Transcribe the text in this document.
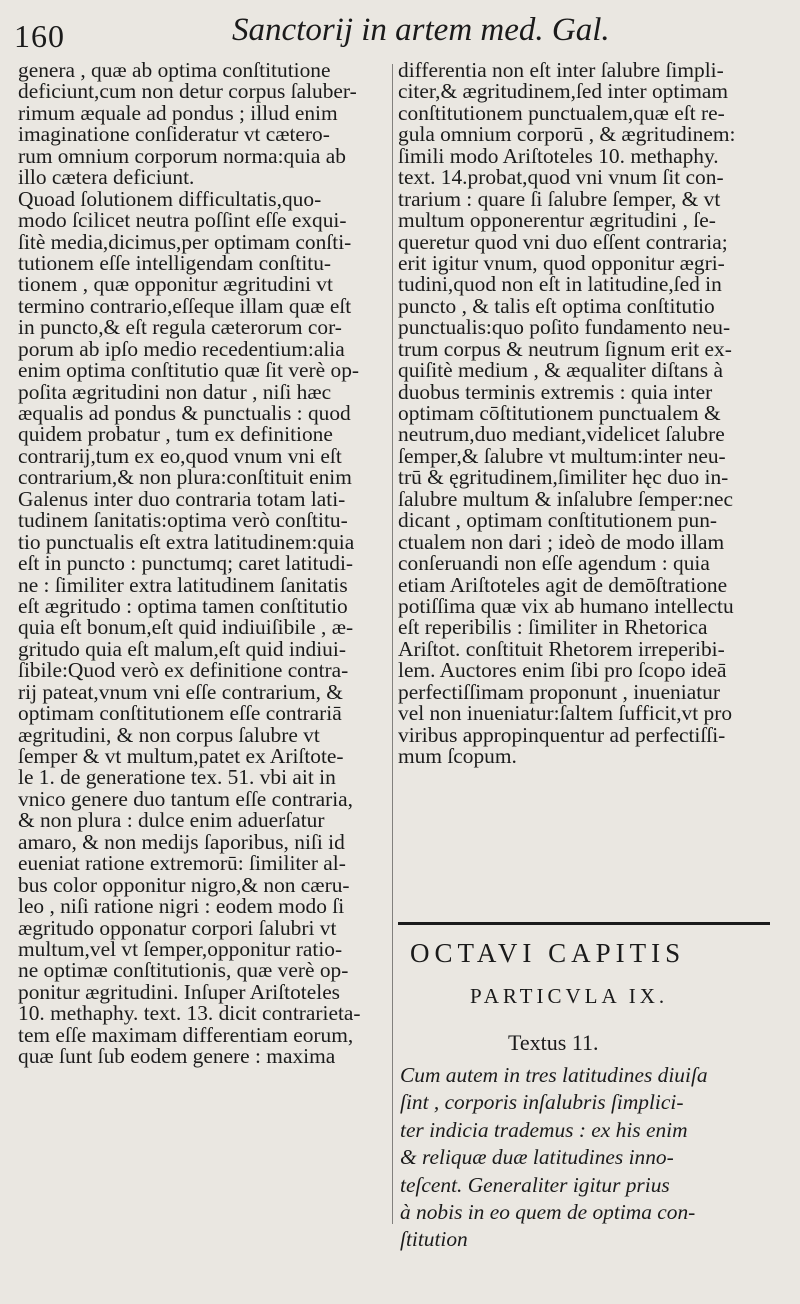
160	Sanctorij in artem med. Gal.
genera , quæ ab optima conſtitutione
deficiunt,cum non detur corpus ſaluber-
rimum æquale ad pondus ; illud enim
imaginatione conſideratur vt cætero-
rum omnium corporum norma:quia ab
illo cætera deficiunt.
Quoad ſolutionem difficultatis,quo-
modo ſcilicet neutra poſſint eſſe exqui-
ſitè media,dicimus,per optimam conſti-
tutionem eſſe intelligendam conſtitu-
tionem , quæ opponitur ægritudini vt
termino contrario,eſſeque illam quæ eſt
in puncto,& eſt regula cæterorum cor-
porum ab ipſo medio recedentium:alia
enim optima conſtitutio quæ ſit verè op-
poſita ægritudini non datur , niſi hæc
æqualis ad pondus & punctualis : quod
quidem probatur , tum ex definitione
contrarij,tum ex eo,quod vnum vni eſt
contrarium,& non plura:conſtituit enim
Galenus inter duo contraria totam lati-
tudinem ſanitatis:optima verò conſtitu-
tio punctualis eſt extra latitudinem:quia
eſt in puncto : punctumq; caret latitudi-
ne : ſimiliter extra latitudinem ſanitatis
eſt ægritudo : optima tamen conſtitutio
quia eſt bonum,eſt quid indiuiſibile , æ-
gritudo quia eſt malum,eſt quid indiui-
ſibile:Quod verò ex definitione contra-
rij pateat,vnum vni eſſe contrarium, &
optimam conſtitutionem eſſe contrariā
ægritudini, & non corpus ſalubre vt
ſemper & vt multum,patet ex Ariſtote-
le 1. de generatione tex. 51. vbi ait in
vnico genere duo tantum eſſe contraria,
& non plura : dulce enim aduerſatur
amaro, & non medijs ſaporibus, niſi id
eueniat ratione extremorū: ſimiliter al-
bus color opponitur nigro,& non cæru-
leo , niſi ratione nigri : eodem modo ſi
ægritudo opponatur corpori ſalubri vt
multum,vel vt ſemper,opponitur ratio-
ne optimæ conſtitutionis, quæ verè op-
ponitur ægritudini. Inſuper Ariſtoteles
10. methaphy. text. 13. dicit contrarieta-
tem eſſe maximam differentiam eorum,
quæ ſunt ſub eodem genere : maxima
differentia non eſt inter ſalubre ſimpli-
citer,& ægritudinem,ſed inter optimam
conſtitutionem punctualem,quæ eſt re-
gula omnium corporū , & ægritudinem:
ſimili modo Ariſtoteles 10. methaphy.
text. 14.probat,quod vni vnum ſit con-
trarium : quare ſi ſalubre ſemper, & vt
multum opponerentur ægritudini , ſe-
queretur quod vni duo eſſent contraria;
erit igitur vnum, quod opponitur ægri-
tudini,quod non eſt in latitudine,ſed in
puncto , & talis eſt optima conſtitutio
punctualis:quo poſito fundamento neu-
trum corpus & neutrum ſignum erit ex-
quiſitè medium , & æqualiter diſtans à
duobus terminis extremis : quia inter
optimam cōſtitutionem punctualem &
neutrum,duo mediant,videlicet ſalubre
ſemper,& ſalubre vt multum:inter neu-
trū & ęgritudinem,ſimiliter hęc duo in-
ſalubre multum & inſalubre ſemper:nec
dicant , optimam conſtitutionem pun-
ctualem non dari ; ideò de modo illam
conſeruandi non eſſe agendum : quia
etiam Ariſtoteles agit de demōſtratione
potiſſima quæ vix ab humano intellectu
eſt reperibilis : ſimiliter in Rhetorica
Ariſtot. conſtituit Rhetorem irreperibi-
lem. Auctores enim ſibi pro ſcopo ideā
perfectiſſimam proponunt , inueniatur
vel non inueniatur:ſaltem ſufficit,vt pro
viribus appropinquentur ad perfectiſſi-
mum ſcopum.
OCTAVI CAPITIS
PARTICVLA IX.
Textus 11.
Cum autem in tres latitudines diuiſa
ſint , corporis inſalubris ſimplici-
ter indicia trademus : ex his enim
& reliquæ duæ latitudines inno-
teſcent. Generaliter igitur prius
à nobis in eo quem de optima con-
ſtitution
